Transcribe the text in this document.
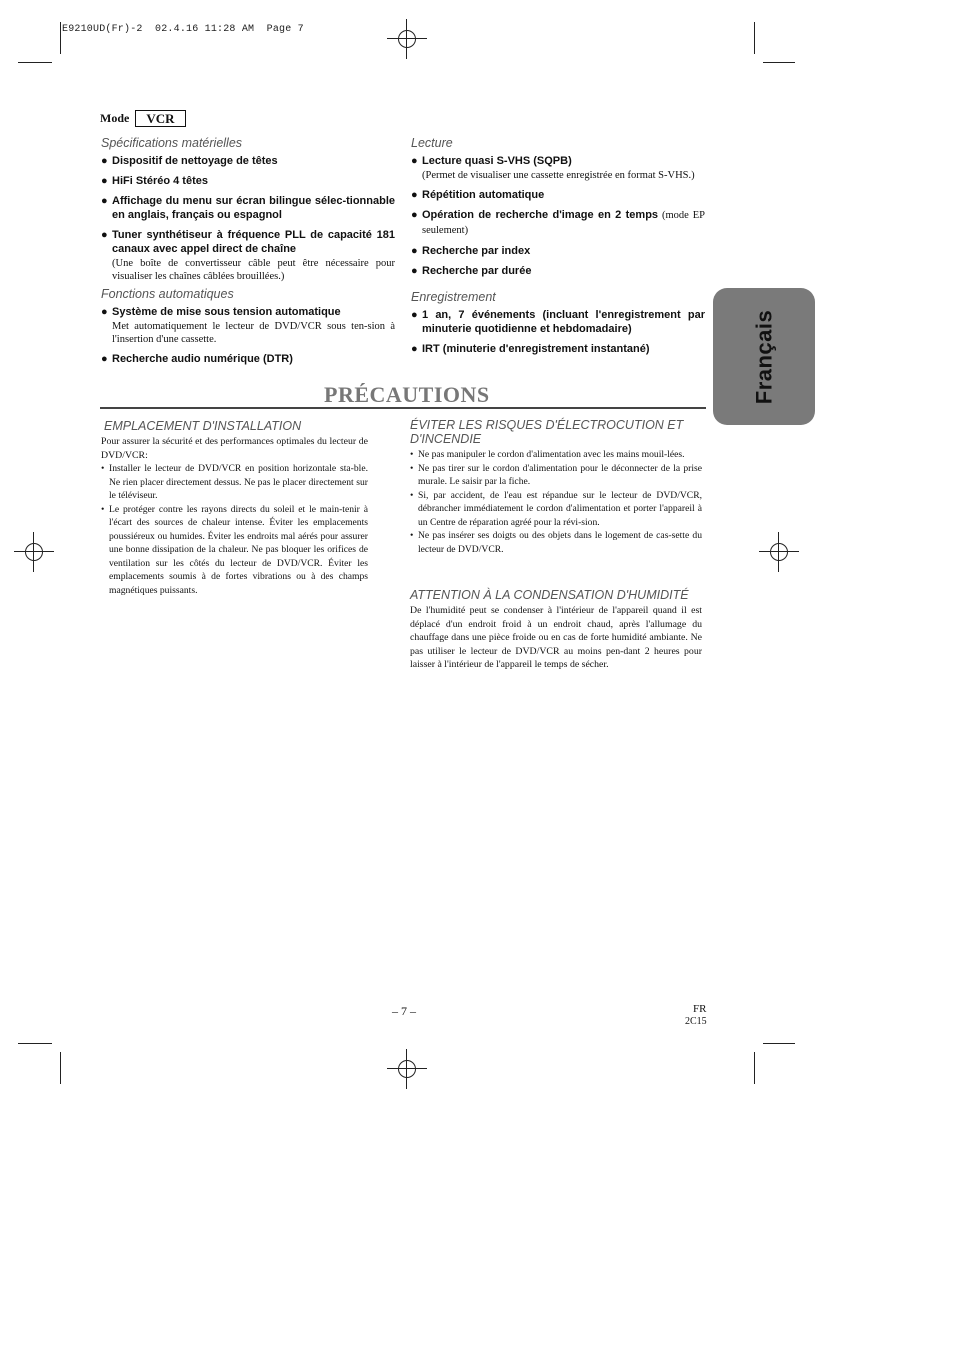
E9210UD(Fr)-2  02.4.16 11:28 AM  Page 7
Mode	VCR
Spécifications matérielles
● Dispositif de nettoyage de têtes
● HiFi Stéréo 4 têtes
● Affichage du menu sur écran bilingue sélec-tionnable en anglais, français ou espagnol
● Tuner synthétiseur à fréquence PLL de capacité 181 canaux avec appel direct de chaîne
(Une boîte de convertisseur câble peut être nécessaire pour visualiser les chaînes câblées brouillées.)
Fonctions automatiques
● Système de mise sous tension automatique
Met automatiquement le lecteur de DVD/VCR sous ten-sion à l'insertion d'une cassette.
● Recherche audio numérique (DTR)
Lecture
● Lecture quasi S-VHS (SQPB)
(Permet de visualiser une cassette enregistrée en format S-VHS.)
● Répétition automatique
● Opération de recherche d'image en 2 temps (mode EP seulement)
● Recherche par index
● Recherche par durée
Enregistrement
● 1 an, 7 événements (incluant l'enregistrement par minuterie quotidienne et hebdomadaire)
● IRT (minuterie d'enregistrement instantané)
PRÉCAUTIONS
EMPLACEMENT D'INSTALLATION

Pour assurer la sécurité et des performances optimales du lecteur de DVD/VCR:

• Installer le lecteur de DVD/VCR en position horizontale sta-ble. Ne rien placer directement dessus. Ne pas le placer directement sur le téléviseur.
• Le protéger contre les rayons directs du soleil et le main-tenir à l'écart des sources de chaleur intense. Éviter les emplacements poussiéreux ou humides. Éviter les endroits mal aérés pour assurer une bonne dissipation de la chaleur. Ne pas bloquer les orifices de ventilation sur les côtés du lecteur de DVD/VCR. Éviter les emplacements soumis à de fortes vibrations ou à des champs magnétiques puissants.
ÉVITER LES RISQUES D'ÉLECTROCUTION ET D'INCENDIE
• Ne pas manipuler le cordon d'alimentation avec les mains mouil-lées.
• Ne pas tirer sur le cordon d'alimentation pour le déconnecter de la prise murale. Le saisir par la fiche.
• Si, par accident, de l'eau est répandue sur le lecteur de DVD/VCR, débrancher immédiatement le cordon d'alimentation et porter l'appareil à un Centre de réparation agréé pour la révi-sion.
• Ne pas insérer ses doigts ou des objets dans le logement de cas-sette du lecteur de DVD/VCR.
ATTENTION À LA CONDENSATION D'HUMIDITÉ

De l'humidité peut se condenser à l'intérieur de l'appareil quand il est déplacé d'un endroit froid à un endroit chaud, après l'allumage du chauffage dans une pièce froide ou en cas de forte humidité ambiante. Ne pas utiliser le lecteur de DVD/VCR au moins pen-dant 2 heures pour laisser à l'intérieur de l'appareil le temps de sécher.

Français
– 7 –	FR
2C15
